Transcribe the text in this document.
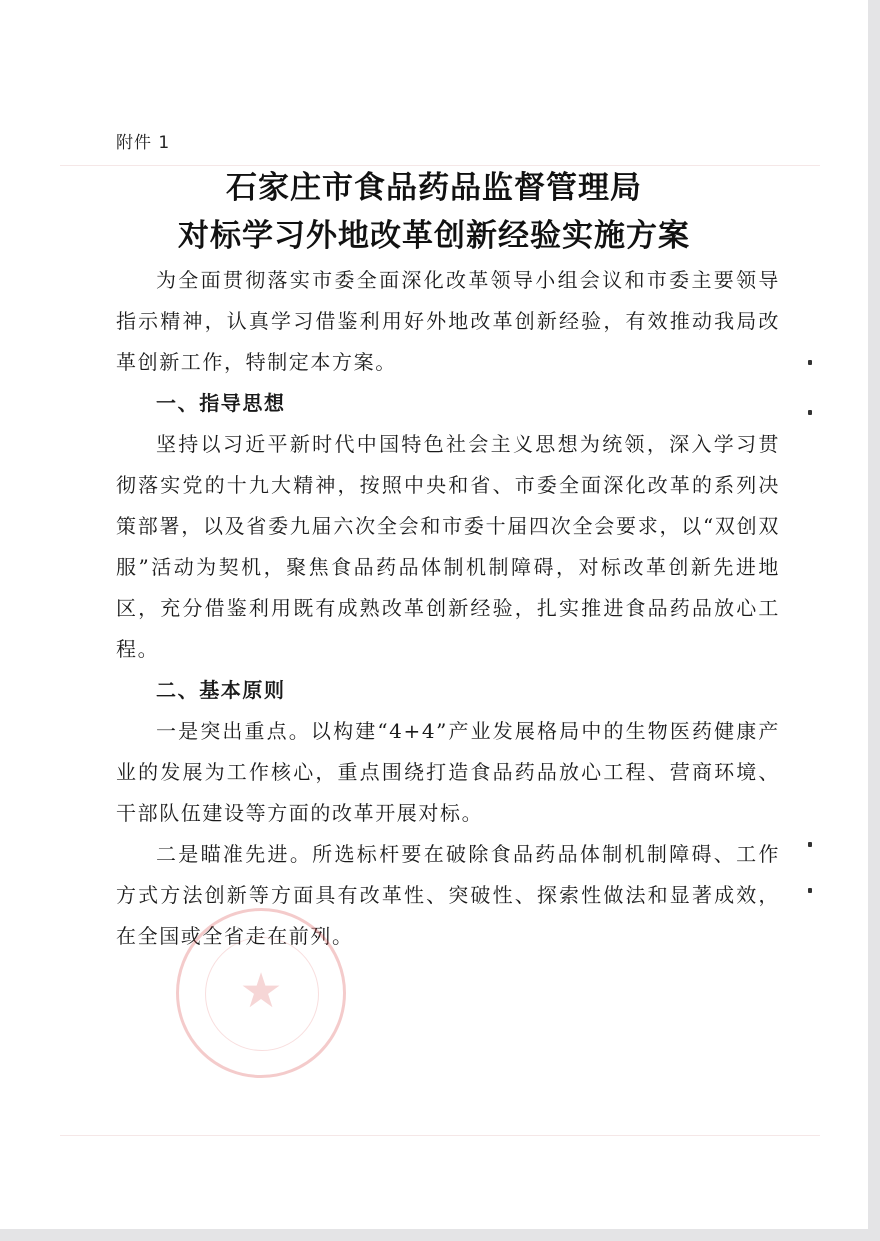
附件 1
石家庄市食品药品监督管理局
对标学习外地改革创新经验实施方案

为全面贯彻落实市委全面深化改革领导小组会议和市委主要领导指示精神，认真学习借鉴利用好外地改革创新经验，有效推动我局改革创新工作，特制定本方案。

一、指导思想

坚持以习近平新时代中国特色社会主义思想为统领，深入学习贯彻落实党的十九大精神，按照中央和省、市委全面深化改革的系列决策部署，以及省委九届六次全会和市委十届四次全会要求，以“双创双服”活动为契机，聚焦食品药品体制机制障碍，对标改革创新先进地区，充分借鉴利用既有成熟改革创新经验，扎实推进食品药品放心工程。

二、基本原则

一是突出重点。以构建“4+4”产业发展格局中的生物医药健康产业的发展为工作核心，重点围绕打造食品药品放心工程、营商环境、干部队伍建设等方面的改革开展对标。

二是瞄准先进。所选标杆要在破除食品药品体制机制障碍、工作方式方法创新等方面具有改革性、突破性、探索性做法和显著成效，在全国或全省走在前列。

★
